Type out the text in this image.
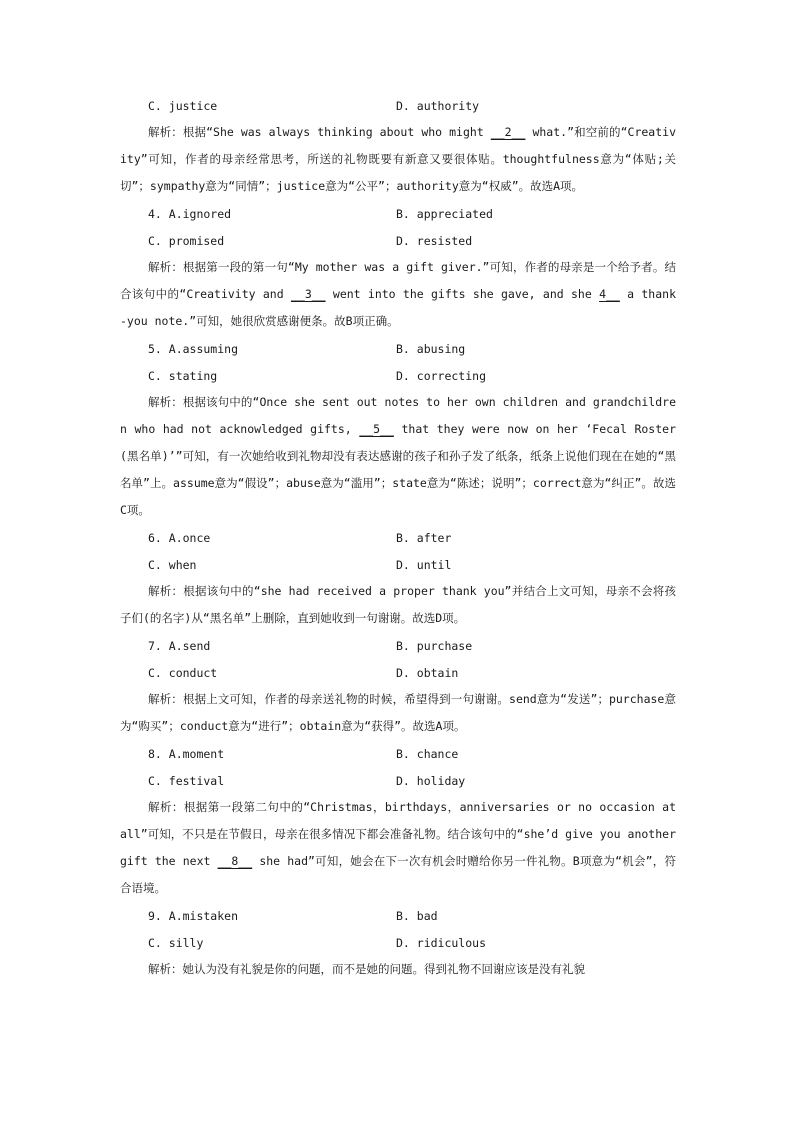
C. justice	D. authority

解析：根据“She was always thinking about who might __2__ what.”和空前的“Creativity”可知，作者的母亲经常思考，所送的礼物既要有新意又要很体贴。thoughtfulness意为“体贴;关切”；sympathy意为“同情”；justice意为“公平”；authority意为“权威”。故选A项。

4. A.ignored	B. appreciated
C. promised	D. resisted

解析：根据第一段的第一句“My mother was a gift giver.”可知，作者的母亲是一个给予者。结合该句中的“Creativity and __3__ went into the gifts she gave, and she 4__ a thank-you note.”可知，她很欣赏感谢便条。故B项正确。

5. A.assuming	B. abusing
C. stating	D. correcting

解析：根据该句中的“Once she sent out notes to her own children and grandchildren who had not acknowledged gifts, __5__ that they were now on her ‘Fecal Roster(黑名单)’”可知，有一次她给收到礼物却没有表达感谢的孩子和孙子发了纸条，纸条上说他们现在在她的“黑名单”上。assume意为“假设”；abuse意为“滥用”；state意为“陈述；说明”；correct意为“纠正”。故选C项。

6. A.once	B. after
C. when	D. until

解析：根据该句中的“she had received a proper thank you”并结合上文可知，母亲不会将孩子们(的名字)从“黑名单”上删除，直到她收到一句谢谢。故选D项。

7. A.send	B. purchase
C. conduct	D. obtain

解析：根据上文可知，作者的母亲送礼物的时候，希望得到一句谢谢。send意为“发送”；purchase意为“购买”；conduct意为“进行”；obtain意为“获得”。故选A项。

8. A.moment	B. chance
C. festival	D. holiday

解析：根据第一段第二句中的“Christmas，birthdays，anniversaries or no occasion at all”可知，不只是在节假日，母亲在很多情况下都会准备礼物。结合该句中的“she’d give you another gift the next __8__ she had”可知，她会在下一次有机会时赠给你另一件礼物。B项意为“机会”，符合语境。

9. A.mistaken	B. bad
C. silly	D. ridiculous

解析：她认为没有礼貌是你的问题，而不是她的问题。得到礼物不回谢应该是没有礼貌
